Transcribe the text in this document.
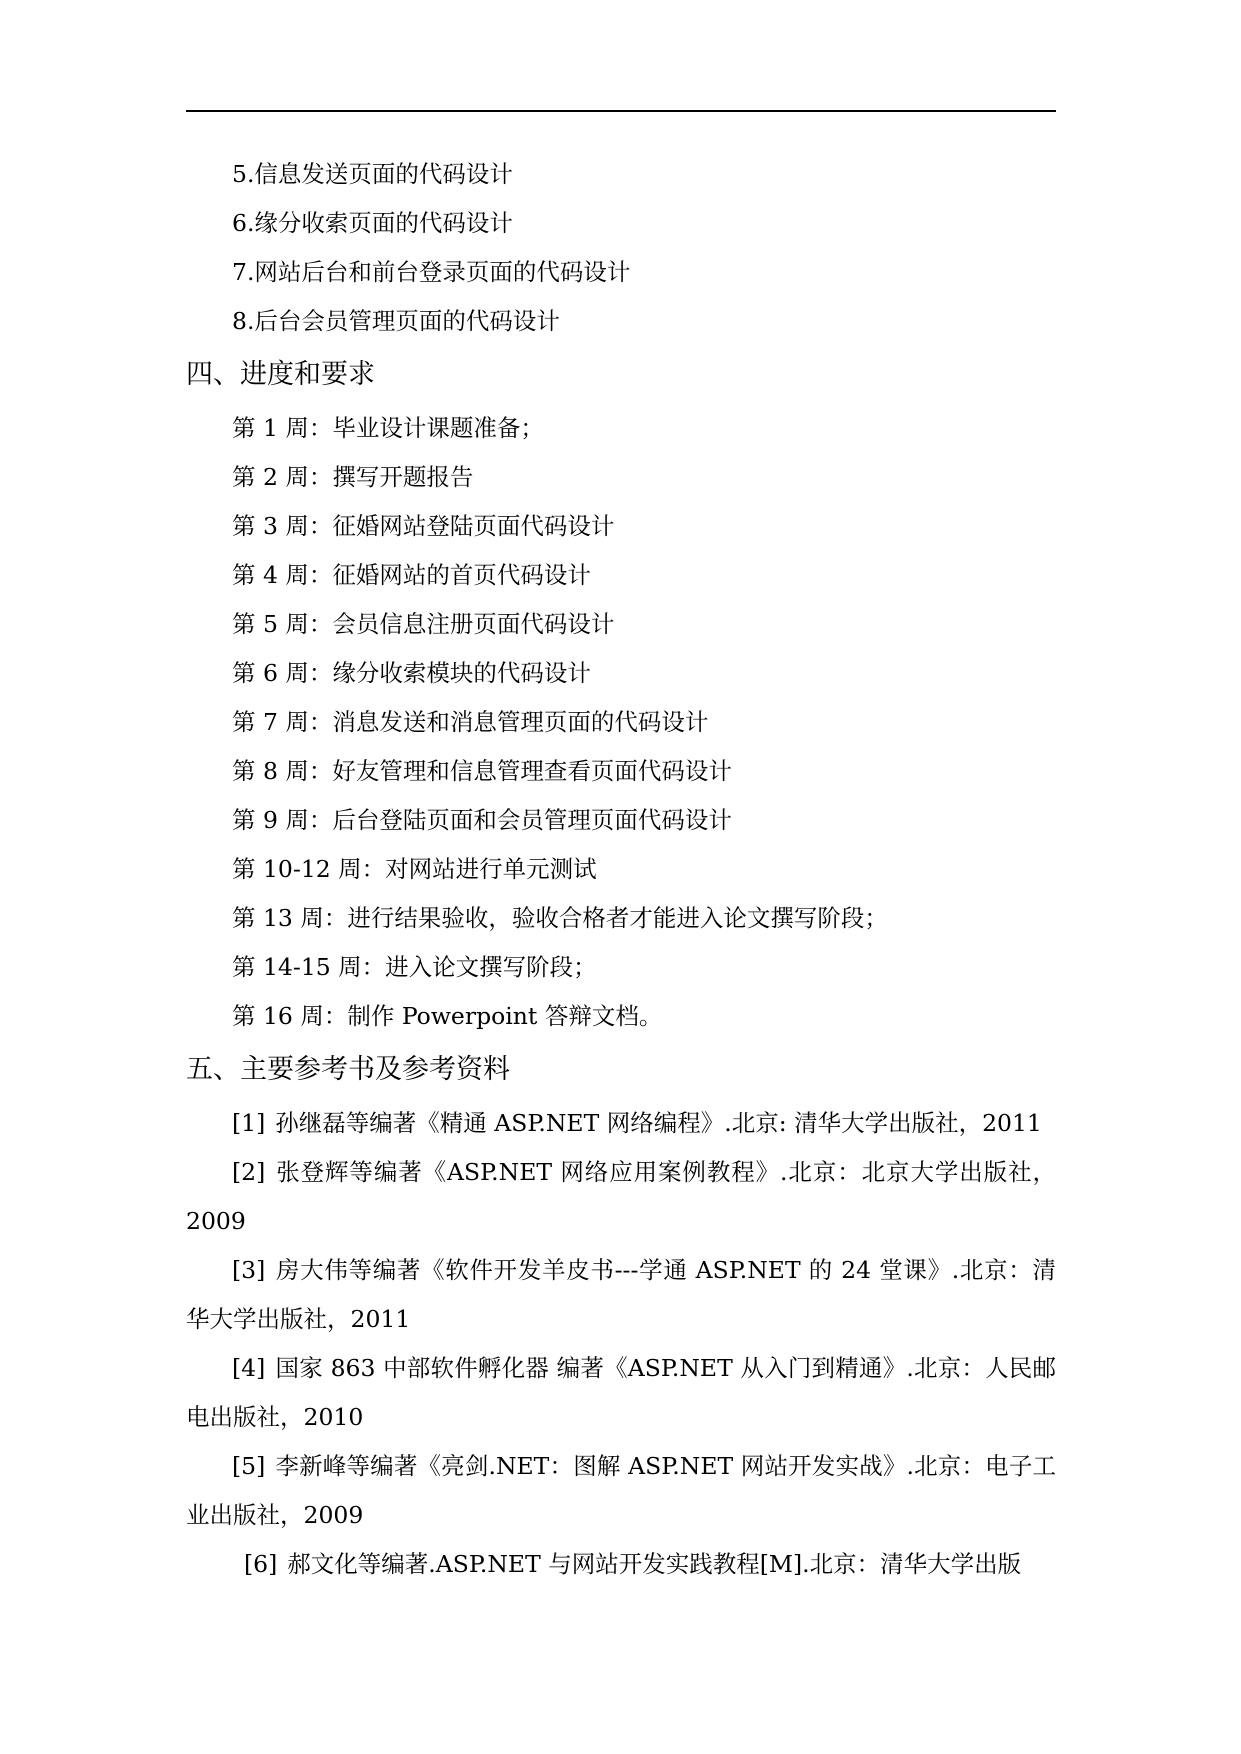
5.信息发送页面的代码设计
6.缘分收索页面的代码设计
7.网站后台和前台登录页面的代码设计
8.后台会员管理页面的代码设计
四、进度和要求
第 1 周：毕业设计课题准备；
第 2 周：撰写开题报告
第 3 周：征婚网站登陆页面代码设计
第 4 周：征婚网站的首页代码设计
第 5 周：会员信息注册页面代码设计
第 6 周：缘分收索模块的代码设计
第 7 周：消息发送和消息管理页面的代码设计
第 8 周：好友管理和信息管理查看页面代码设计
第 9 周：后台登陆页面和会员管理页面代码设计
第 10-12 周：对网站进行单元测试
第 13 周：进行结果验收，验收合格者才能进入论文撰写阶段；
第 14-15 周：进入论文撰写阶段；
第 16 周：制作 Powerpoint 答辩文档。
五、主要参考书及参考资料
[1] 孙继磊等编著《精通 ASP.NET 网络编程》.北京: 清华大学出版社，2011
[2] 张登辉等编著《ASP.NET 网络应用案例教程》.北京：北京大学出版社，2009
[3] 房大伟等编著《软件开发羊皮书---学通 ASP.NET 的 24 堂课》.北京：清华大学出版社，2011
[4] 国家 863 中部软件孵化器 编著《ASP.NET 从入门到精通》.北京：人民邮电出版社，2010
[5] 李新峰等编著《亮剑.NET：图解 ASP.NET 网站开发实战》.北京：电子工业出版社，2009
[6] 郝文化等编著.ASP.NET 与网站开发实践教程[M].北京：清华大学出版
